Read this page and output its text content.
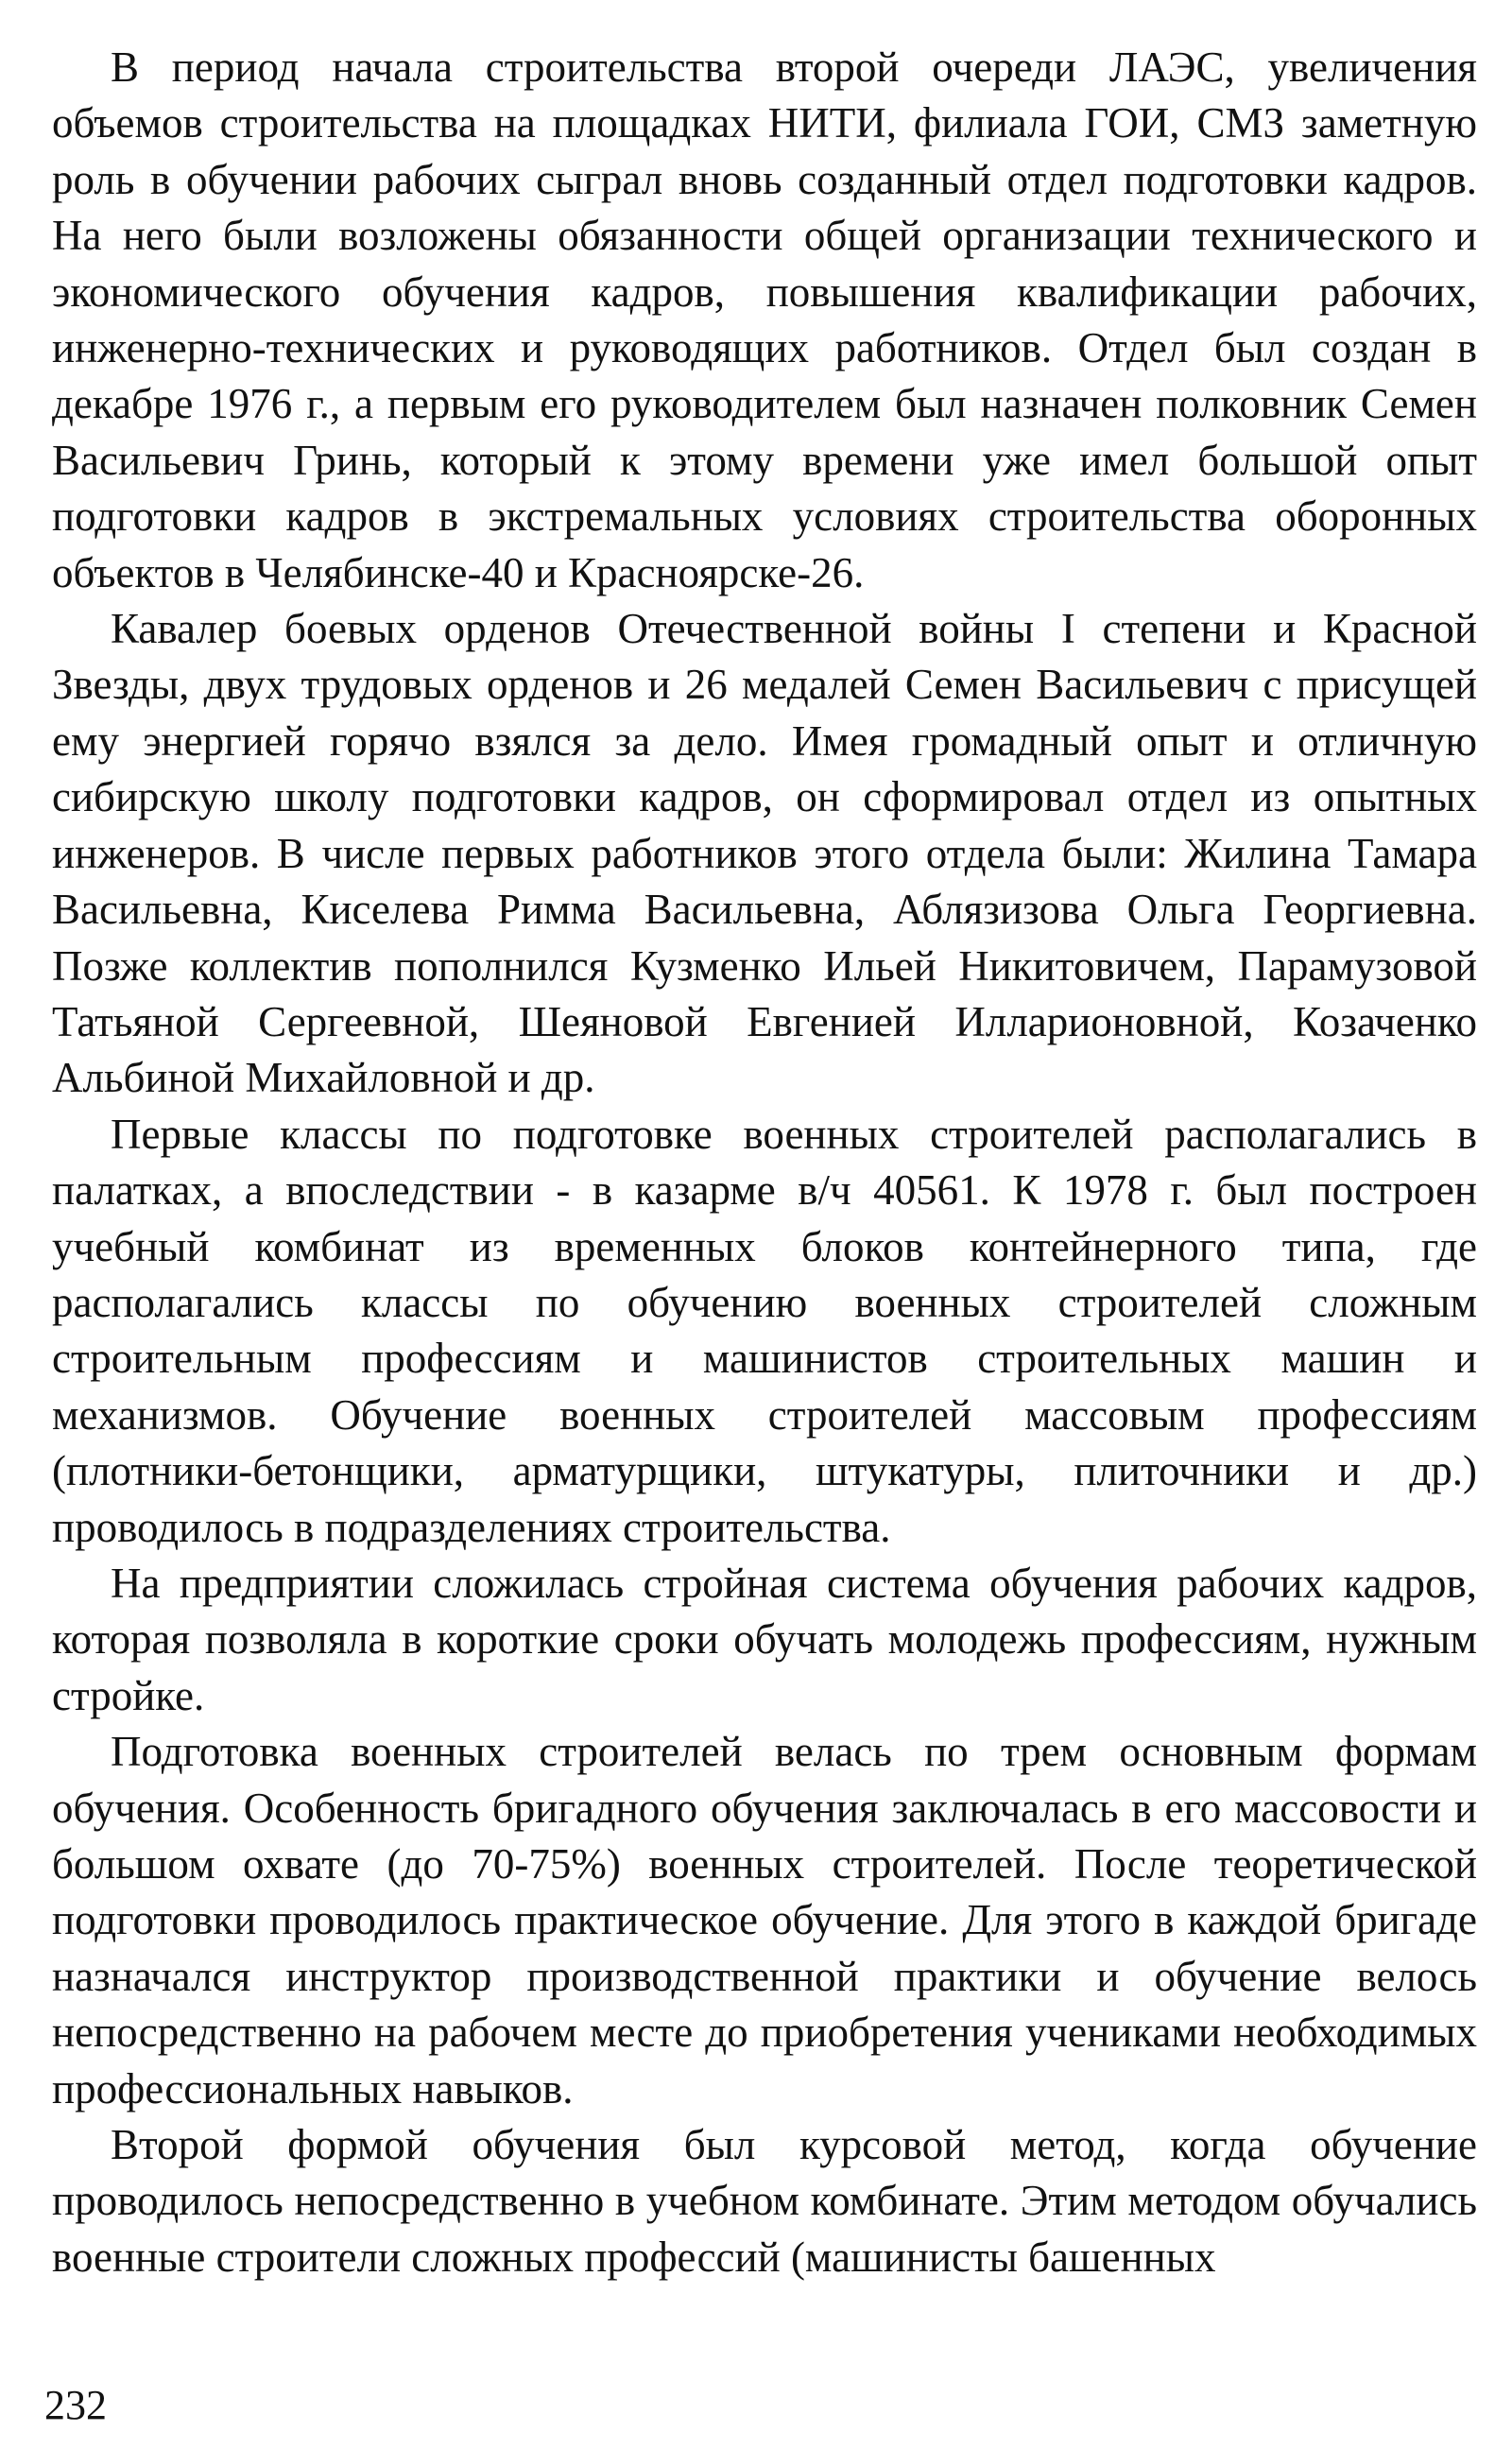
В период начала строительства второй очереди ЛАЭС, увеличения объемов строительства на площадках НИТИ, филиала ГОИ, СМЗ заметную роль в обучении рабочих сыграл вновь созданный отдел подготовки кадров. На него были возложены обязанности общей организации технического и экономического обучения кадров, повышения квалификации рабочих, инженерно-технических и руководящих работников. Отдел был создан в декабре 1976 г., а первым его руководителем был назначен полковник Семен Васильевич Гринь, который к этому времени уже имел большой опыт подготовки кадров в экстремальных условиях строительства оборонных объектов в Челябинске-40 и Красноярске-26.

Кавалер боевых орденов Отечественной войны I степени и Красной Звезды, двух трудовых орденов и 26 медалей Семен Васильевич с присущей ему энергией горячо взялся за дело. Имея громадный опыт и отличную сибирскую школу подготовки кадров, он сформировал отдел из опытных инженеров. В числе первых работников этого отдела были: Жилина Тамара Васильевна, Киселева Римма Васильевна, Аблязизова Ольга Георгиевна. Позже коллектив пополнился Кузменко Ильей Никитовичем, Парамузовой Татьяной Сергеевной, Шеяновой Евгенией Илларионовной, Козаченко Альбиной Михайловной и др.

Первые классы по подготовке военных строителей располагались в палатках, а впоследствии - в казарме в/ч 40561. К 1978 г. был построен учебный комбинат из временных блоков контейнерного типа, где располагались классы по обучению военных строителей сложным строительным профессиям и машинистов строительных машин и механизмов. Обучение военных строителей массовым профессиям (плотники-бетонщики, арматурщики, штукатуры, плиточники и др.) проводилось в подразделениях строительства.

На предприятии сложилась стройная система обучения рабочих кадров, которая позволяла в короткие сроки обучать молодежь профессиям, нужным стройке.

Подготовка военных строителей велась по трем основным формам обучения. Особенность бригадного обучения заключалась в его массовости и большом охвате (до 70-75%) военных строителей. После теоретической подготовки проводилось практическое обучение. Для этого в каждой бригаде назначался инструктор производственной практики и обучение велось непосредственно на рабочем месте до приобретения учениками необходимых профессиональных навыков.

Второй формой обучения был курсовой метод, когда обучение проводилось непосредственно в учебном комбинате. Этим методом обучались военные строители сложных профессий (машинисты башенных

232
